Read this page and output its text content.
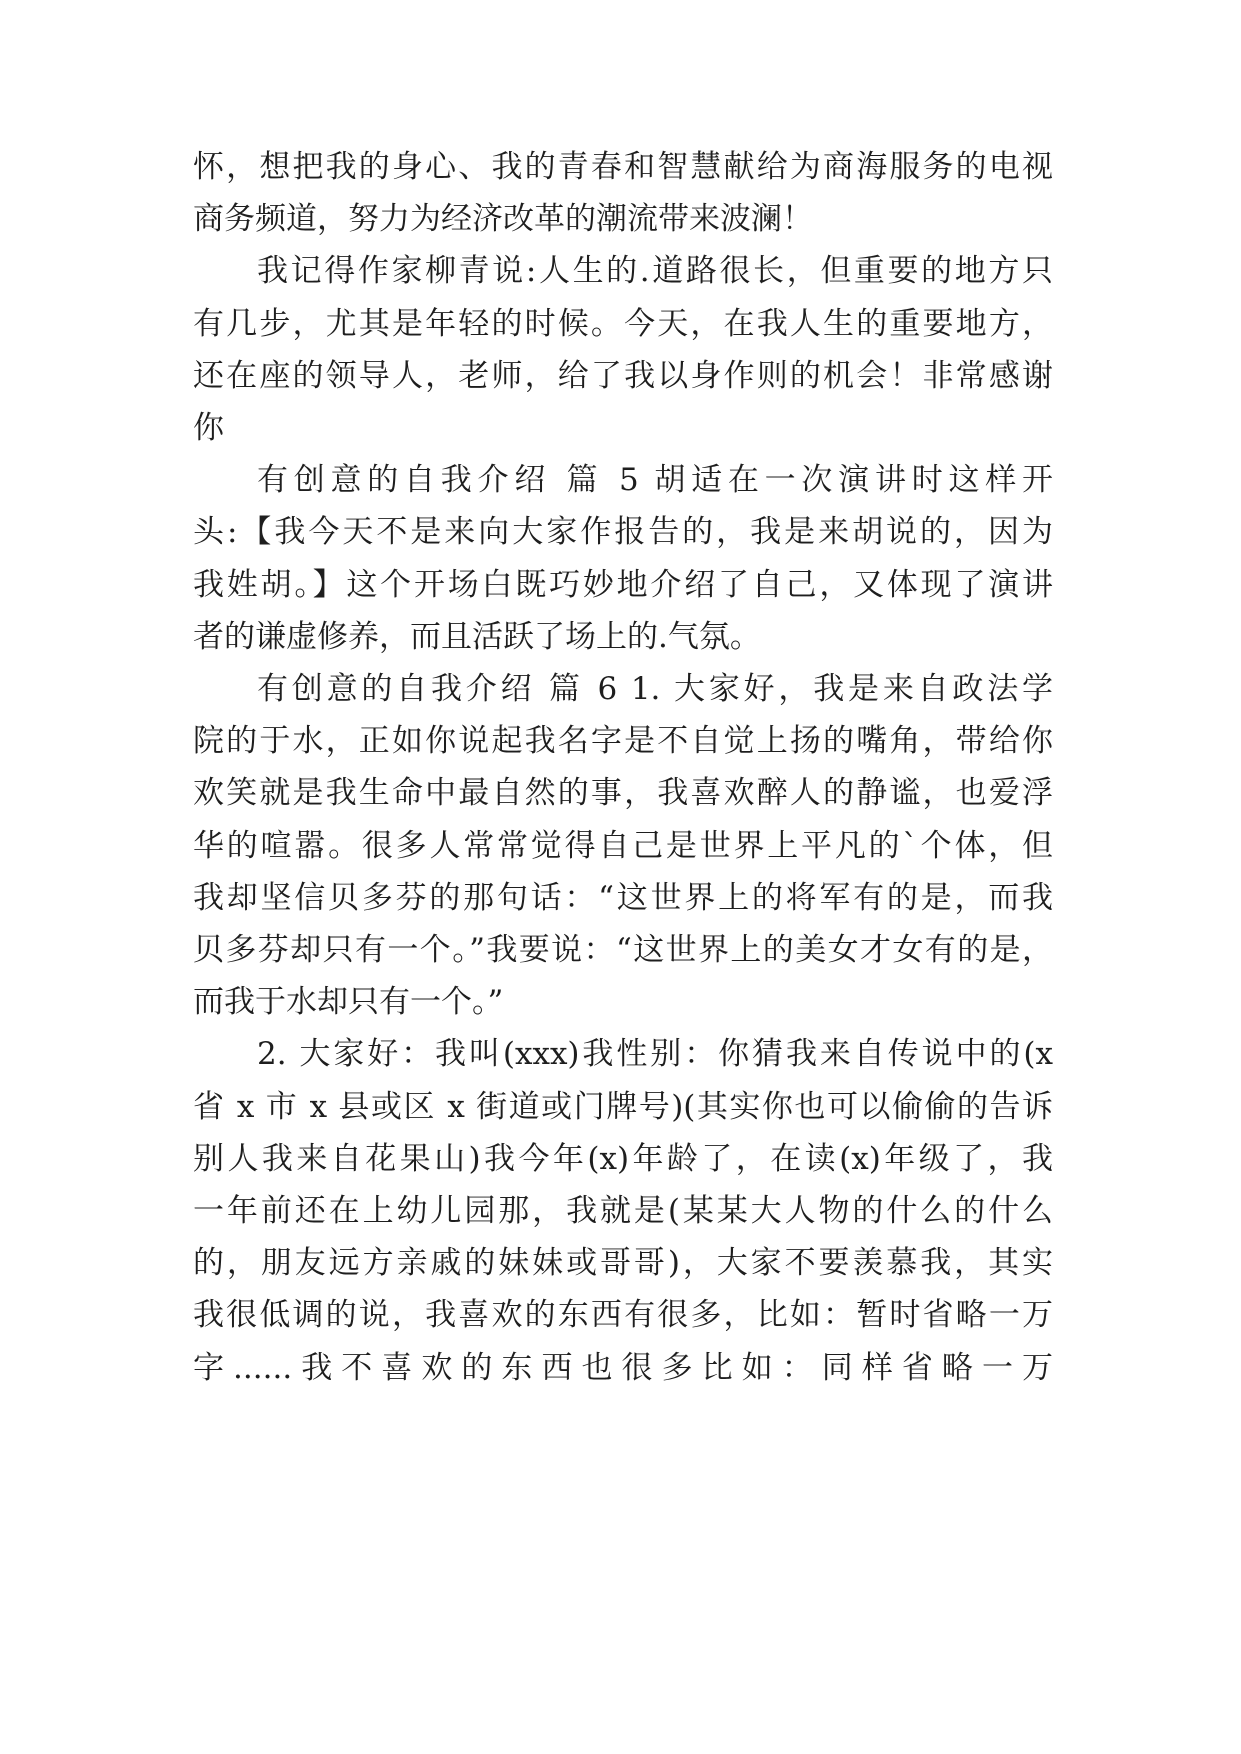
怀，想把我的身心、我的青春和智慧献给为商海服务的电视
商务频道，努力为经济改革的潮流带来波澜！
我记得作家柳青说:人生的.道路很长，但重要的地方只
有几步，尤其是年轻的时候。今天，在我人生的重要地方，
还在座的领导人，老师，给了我以身作则的机会！非常感谢
你
有创意的自我介绍 篇 5 胡适在一次演讲时这样开
头:【我今天不是来向大家作报告的，我是来胡说的，因为
我姓胡。】这个开场白既巧妙地介绍了自己，又体现了演讲
者的谦虚修养，而且活跃了场上的.气氛。
有创意的自我介绍 篇 6 1. 大家好，我是来自政法学
院的于水，正如你说起我名字是不自觉上扬的嘴角，带给你
欢笑就是我生命中最自然的事，我喜欢醉人的静谧，也爱浮
华的喧嚣。很多人常常觉得自己是世界上平凡的`个体，但
我却坚信贝多芬的那句话：“这世界上的将军有的是，而我
贝多芬却只有一个。”我要说：“这世界上的美女才女有的是，
而我于水却只有一个。”
2. 大家好：我叫(xxx)我性别：你猜我来自传说中的(x
省 x 市 x 县或区 x 街道或门牌号)(其实你也可以偷偷的告诉
别人我来自花果山)我今年(x)年龄了，在读(x)年级了，我
一年前还在上幼儿园那，我就是(某某大人物的什么的什么
的，朋友远方亲戚的妹妹或哥哥)，大家不要羡慕我，其实
我很低调的说，我喜欢的东西有很多，比如：暂时省略一万
字......我不喜欢的东西也很多比如：同样省略一万
